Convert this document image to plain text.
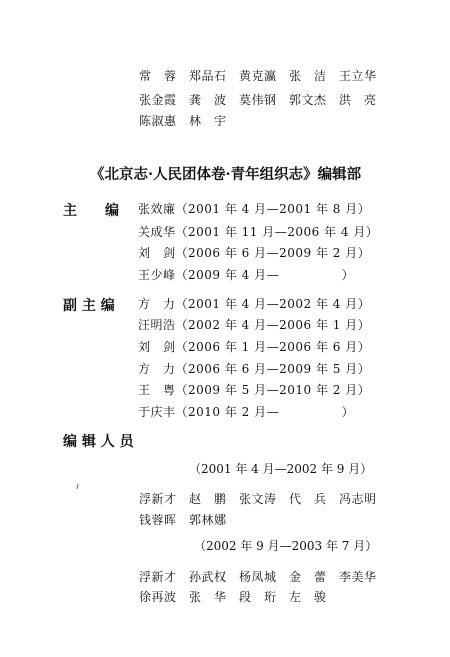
常　蓉　郑品石　黄克瀛　张　洁　王立华
张金霞　龚　波　莫伟钢　郭文杰　洪　亮
陈淑惠　林　宇
《北京志·人民团体卷·青年组织志》编辑部
主　　编 张效廉（2001 年 4 月—2001 年 8 月）
关成华（2001 年 11 月—2006 年 4 月）
刘　剑（2006 年 6 月—2009 年 2 月）
王少峰（2009 年 4 月—　　　　　）
副 主 编 方　力（2001 年 4 月—2002 年 4 月）
汪明浩（2002 年 4 月—2006 年 1 月）
刘　剑（2006 年 1 月—2006 年 6 月）
方　力（2006 年 6 月—2009 年 5 月）
王　粤（2009 年 5 月—2010 年 2 月）
于庆丰（2010 年 2 月—　　　　　）
编 辑 人 员
（2001 年 4 月—2002 年 9 月）
浮新才　赵　鹏　张文涛　代　兵　冯志明
钱蓉晖　郭林娜
（2002 年 9 月—2003 年 7 月）
浮新才　孙武权　杨凤城　金　蕾　李美华
徐再波　张　华　段　珩　左　骏
